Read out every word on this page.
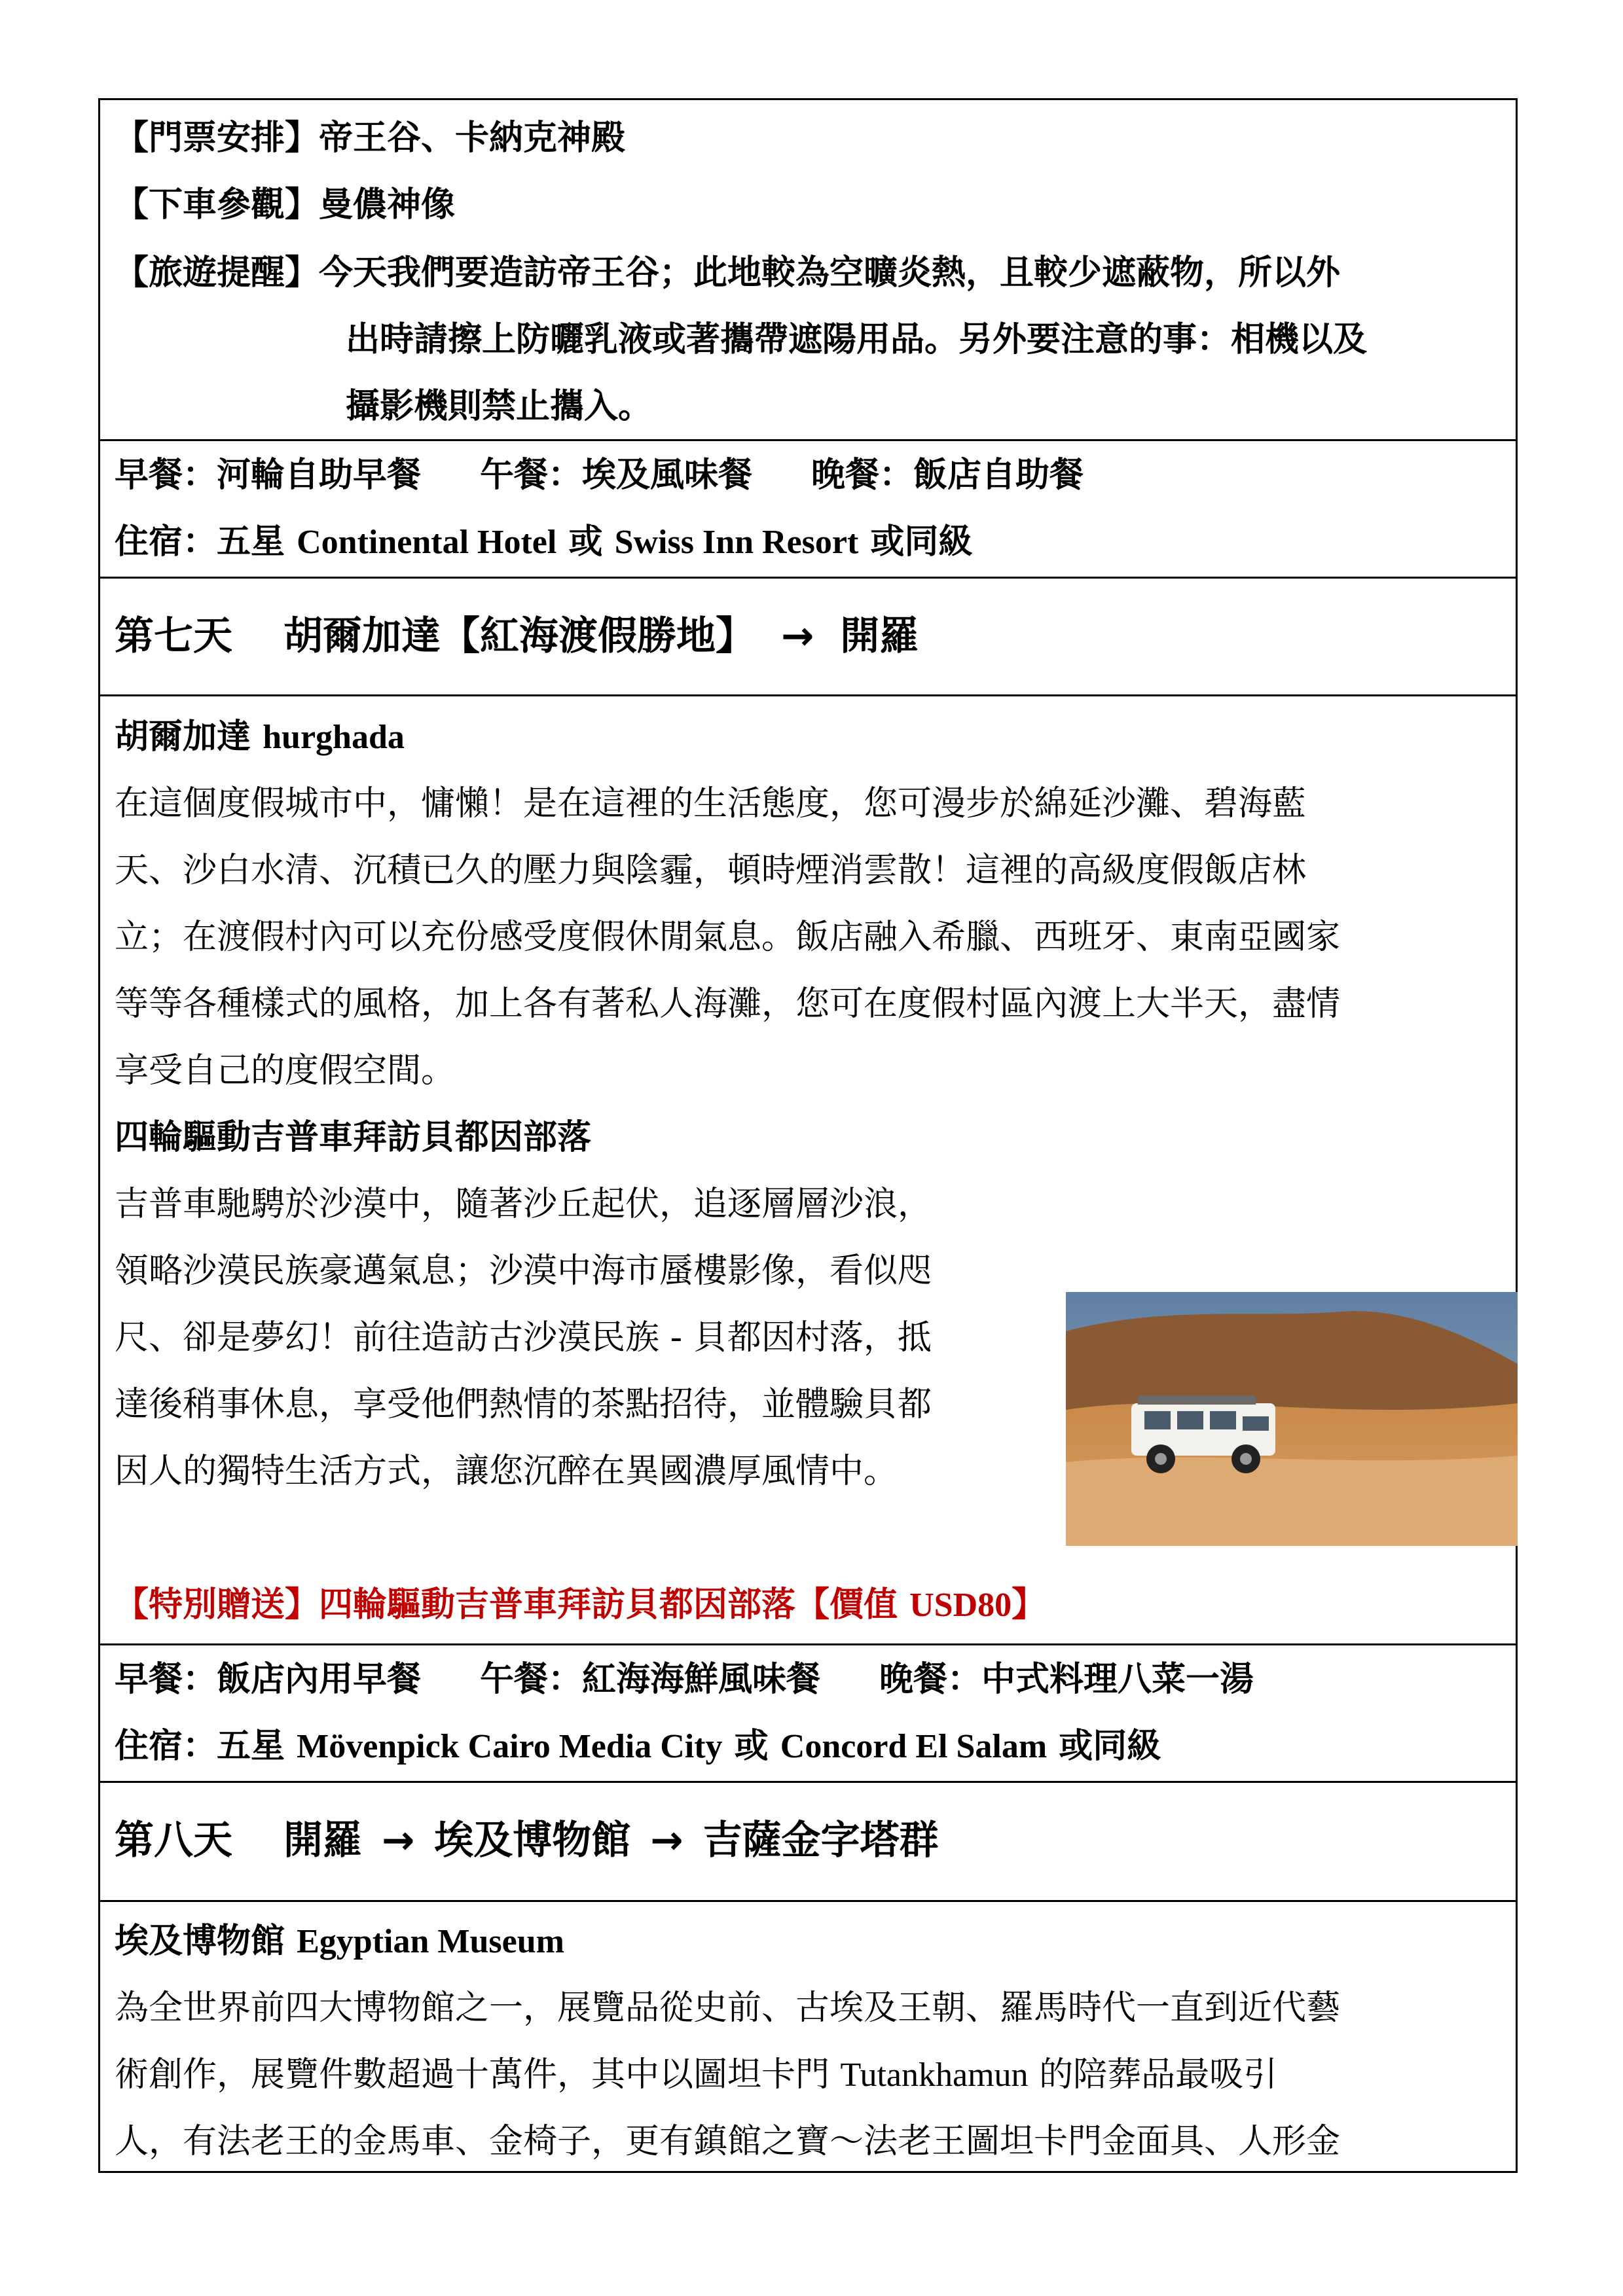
【門票安排】帝王谷、卡納克神殿
【下車參觀】曼儂神像
【旅遊提醒】今天我們要造訪帝王谷；此地較為空曠炎熱，且較少遮蔽物，所以外
出時請擦上防曬乳液或著攜帶遮陽用品。另外要注意的事：相機以及
攝影機則禁止攜入。
早餐：河輪自助早餐 午餐：埃及風味餐 晚餐：飯店自助餐
住宿：五星 Continental Hotel 或 Swiss Inn Resort 或同級
第七天 胡爾加達【紅海渡假勝地】 → 開羅
胡爾加達 hurghada
在這個度假城市中，慵懶！是在這裡的生活態度，您可漫步於綿延沙灘、碧海藍
天、沙白水清、沉積已久的壓力與陰霾，頓時煙消雲散！這裡的高級度假飯店林
立；在渡假村內可以充份感受度假休閒氣息。飯店融入希臘、西班牙、東南亞國家
等等各種樣式的風格，加上各有著私人海灘，您可在度假村區內渡上大半天，盡情
享受自己的度假空間。
四輪驅動吉普車拜訪貝都因部落
吉普車馳騁於沙漠中，隨著沙丘起伏，追逐層層沙浪，
領略沙漠民族豪邁氣息；沙漠中海市蜃樓影像，看似咫
尺、卻是夢幻！前往造訪古沙漠民族 - 貝都因村落，抵
達後稍事休息，享受他們熱情的茶點招待，並體驗貝都
因人的獨特生活方式，讓您沉醉在異國濃厚風情中。
【特別贈送】四輪驅動吉普車拜訪貝都因部落【價值 USD80】
早餐：飯店內用早餐 午餐：紅海海鮮風味餐 晚餐：中式料理八菜一湯
住宿：五星 Mövenpick Cairo Media City 或 Concord El Salam 或同級
第八天 開羅 → 埃及博物館 → 吉薩金字塔群
埃及博物館 Egyptian Museum
為全世界前四大博物館之一，展覽品從史前、古埃及王朝、羅馬時代一直到近代藝
術創作，展覽件數超過十萬件，其中以圖坦卡門 Tutankhamun 的陪葬品最吸引
人，有法老王的金馬車、金椅子，更有鎮館之寶～法老王圖坦卡門金面具、人形金
